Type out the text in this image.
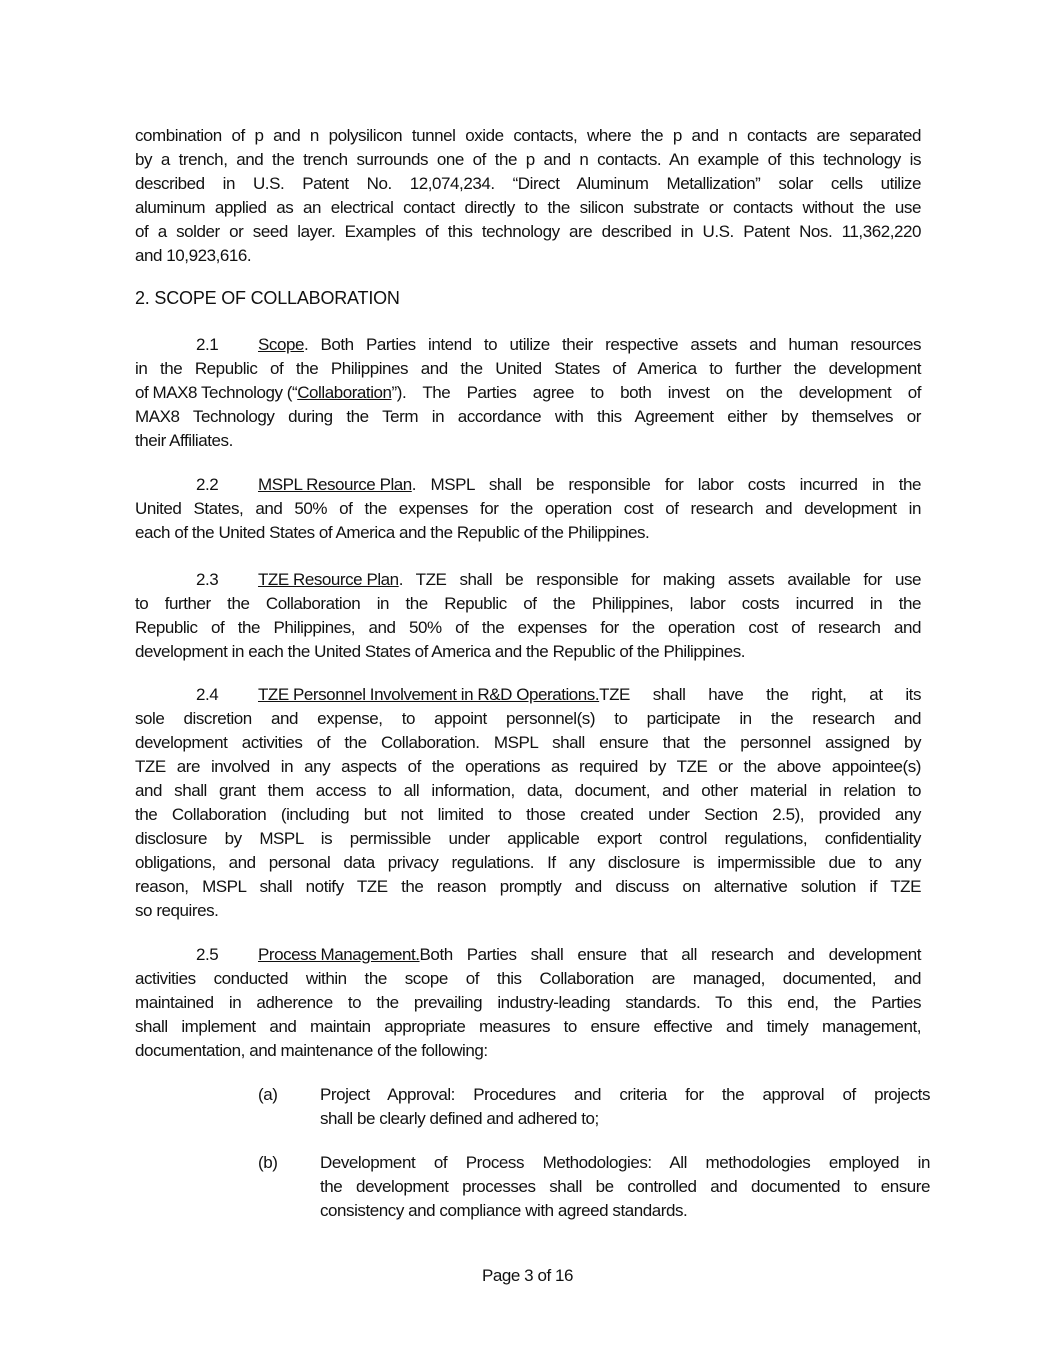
combination of p and n polysilicon tunnel oxide contacts, where the p and n contacts are separated
by a trench, and the trench surrounds one of the p and n contacts. An example of this technology is
described in U.S. Patent No. 12,074,234. “Direct Aluminum Metallization” solar cells utilize
aluminum applied as an electrical contact directly to the silicon substrate or contacts without the use
of a solder or seed layer. Examples of this technology are described in U.S. Patent Nos. 11,362,220
and 10,923,616.
2. SCOPE OF COLLABORATION
2.1	Scope . Both Parties intend to utilize their respective assets and human resources
in the Republic of the Philippines and the United States of America to further the development
of MAX8 Technology (“ Collaboration ”). The Parties agree to both invest on the development of
MAX8 Technology during the Term in accordance with this Agreement either by themselves or
their Affiliates.
2.2	MSPL Resource Plan . MSPL shall be responsible for labor costs incurred in the
United States, and 50% of the expenses for the operation cost of research and development in
each of the United States of America and the Republic of the Philippines.
2.3	TZE Resource Plan . TZE shall be responsible for making assets available for use
to further the Collaboration in the Republic of the Philippines, labor costs incurred in the
Republic of the Philippines, and 50% of the expenses for the operation cost of research and
development in each the United States of America and the Republic of the Philippines.
2.4	TZE Personnel Involvement in R&D Operations. TZE shall have the right, at its
sole discretion and expense, to appoint personnel(s) to participate in the research and
development activities of the Collaboration. MSPL shall ensure that the personnel assigned by
TZE are involved in any aspects of the operations as required by TZE or the above appointee(s)
and shall grant them access to all information, data, document, and other material in relation to
the Collaboration (including but not limited to those created under Section 2.5), provided any
disclosure by MSPL is permissible under applicable export control regulations, confidentiality
obligations, and personal data privacy regulations. If any disclosure is impermissible due to any
reason, MSPL shall notify TZE the reason promptly and discuss on alternative solution if TZE
so requires.
2.5	Process Management. Both Parties shall ensure that all research and development
activities conducted within the scope of this Collaboration are managed, documented, and
maintained in adherence to the prevailing industry-leading standards. To this end, the Parties
shall implement and maintain appropriate measures to ensure effective and timely management,
documentation, and maintenance of the following:
(a)	Project Approval: Procedures and criteria for the approval of projects
shall be clearly defined and adhered to;
(b)	Development of Process Methodologies: All methodologies employed in
the development processes shall be controlled and documented to ensure
consistency and compliance with agreed standards.
Page 3 of 16
